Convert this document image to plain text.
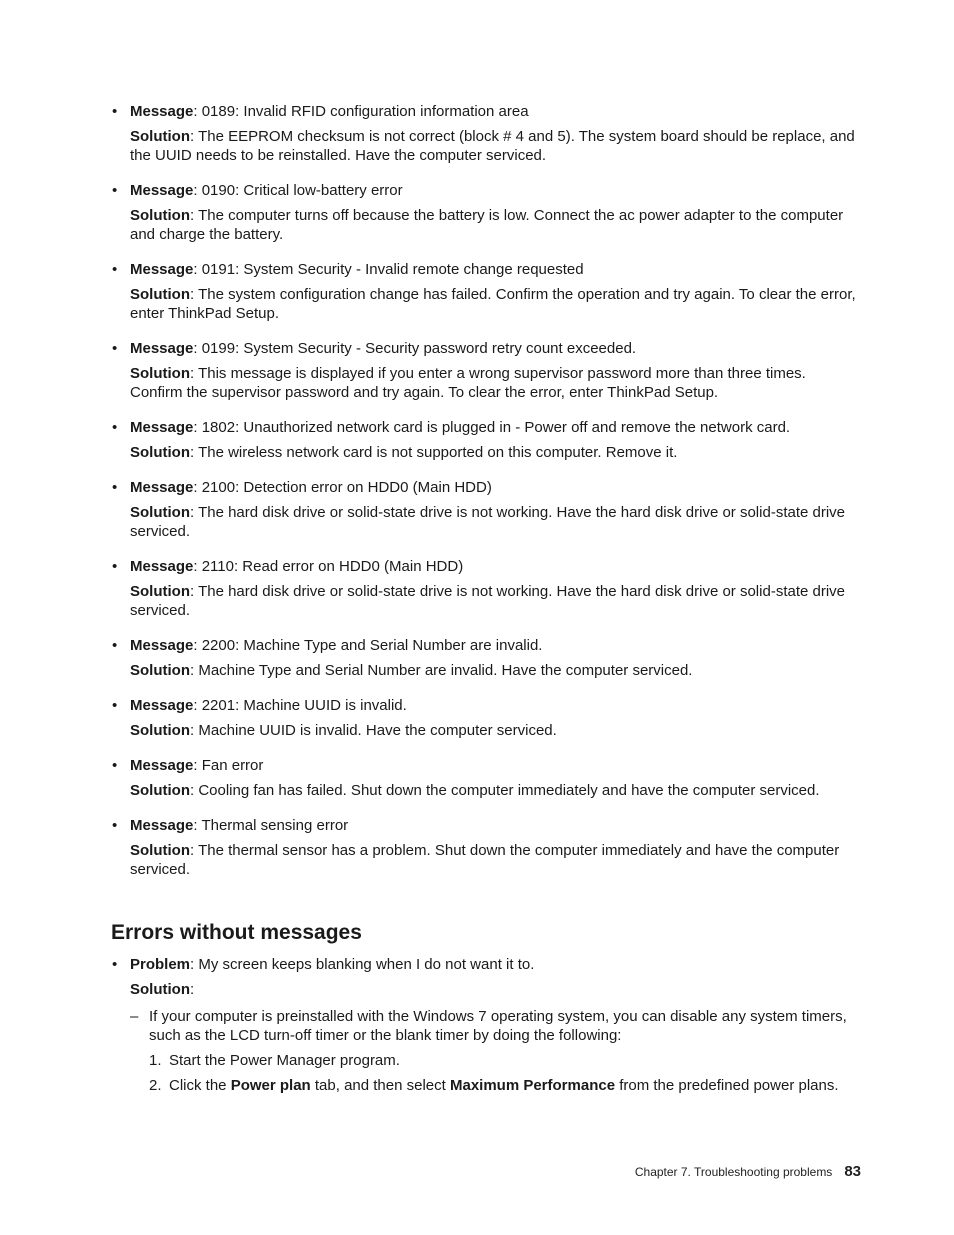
• Message: 0189: Invalid RFID configuration information area

Solution: The EEPROM checksum is not correct (block # 4 and 5). The system board should be replace, and the UUID needs to be reinstalled. Have the computer serviced.

• Message: 0190: Critical low-battery error

Solution: The computer turns off because the battery is low. Connect the ac power adapter to the computer and charge the battery.

• Message: 0191: System Security - Invalid remote change requested

Solution: The system configuration change has failed. Confirm the operation and try again. To clear the error, enter ThinkPad Setup.

• Message: 0199: System Security - Security password retry count exceeded.

Solution: This message is displayed if you enter a wrong supervisor password more than three times. Confirm the supervisor password and try again. To clear the error, enter ThinkPad Setup.

• Message: 1802: Unauthorized network card is plugged in - Power off and remove the network card.

Solution: The wireless network card is not supported on this computer. Remove it.

• Message: 2100: Detection error on HDD0 (Main HDD)

Solution: The hard disk drive or solid-state drive is not working. Have the hard disk drive or solid-state drive serviced.

• Message: 2110: Read error on HDD0 (Main HDD)

Solution: The hard disk drive or solid-state drive is not working. Have the hard disk drive or solid-state drive serviced.

• Message: 2200: Machine Type and Serial Number are invalid.

Solution: Machine Type and Serial Number are invalid. Have the computer serviced.

• Message: 2201: Machine UUID is invalid.

Solution: Machine UUID is invalid. Have the computer serviced.

• Message: Fan error

Solution: Cooling fan has failed. Shut down the computer immediately and have the computer serviced.

• Message: Thermal sensing error

Solution: The thermal sensor has a problem. Shut down the computer immediately and have the computer serviced.

Errors without messages
• Problem: My screen keeps blanking when I do not want it to.

Solution:

– If your computer is preinstalled with the Windows 7 operating system, you can disable any system timers, such as the LCD turn-off timer or the blank timer by doing the following:

1. Start the Power Manager program.
2. Click the Power plan tab, and then select Maximum Performance from the predefined power plans.
Chapter 7. Troubleshooting problems 83
